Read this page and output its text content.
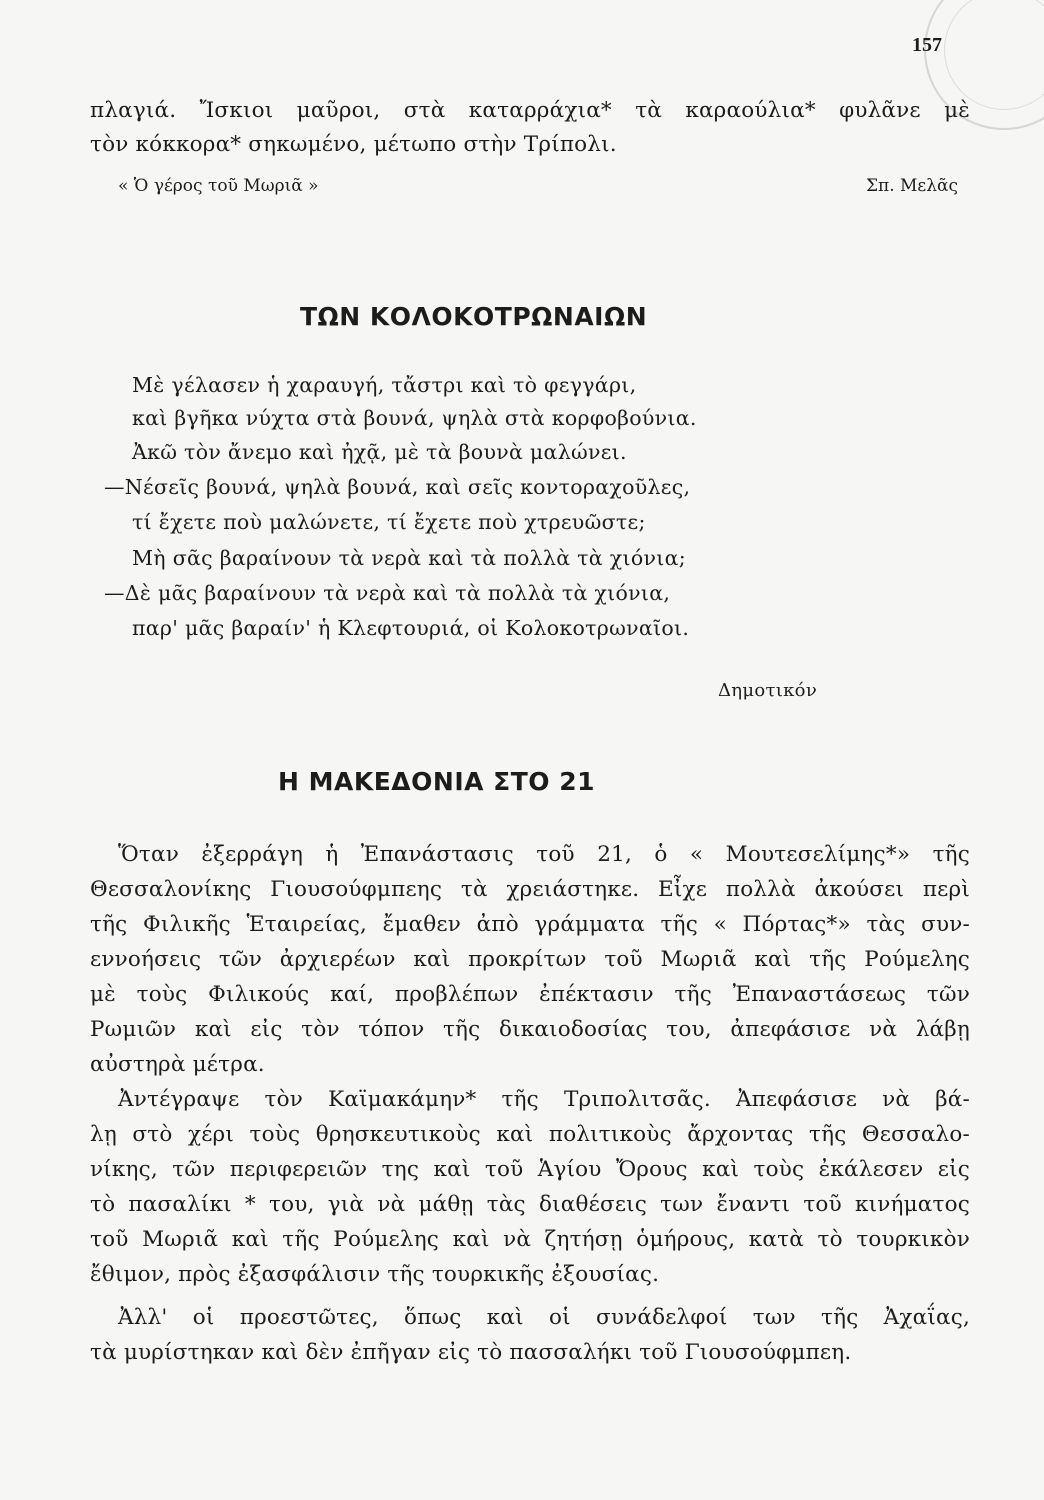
157
πλαγιά. Ἴσκιοι μαῦροι, στὰ καταρράχια* τὰ καραούλια* φυλᾶνε μὲ
τὸν κόκκορα* σηκωμένο, μέτωπο στὴν Τρίπολι.
« Ὁ γέρος τοῦ Μωριᾶ »	Σπ. Μελᾶς
ΤΩΝ ΚΟΛΟΚΟΤΡΩΝΑΙΩΝ
Μὲ γέλασεν ἡ χαραυγή, τἄστρι καὶ τὸ φεγγάρι,
καὶ βγῆκα νύχτα στὰ βουνά, ψηλὰ στὰ κορφοβούνια.
Ἀκῶ τὸν ἄνεμο καὶ ἠχᾷ, μὲ τὰ βουνὰ μαλώνει.
—Νέσεῖς βουνά, ψηλὰ βουνά, καὶ σεῖς κοντοραχοῦλες,
τί ἔχετε ποὺ μαλώνετε, τί ἔχετε ποὺ χτρευῶστε;
Μὴ σᾶς βαραίνουν τὰ νερὰ καὶ τὰ πολλὰ τὰ χιόνια;
—Δὲ μᾶς βαραίνουν τὰ νερὰ καὶ τὰ πολλὰ τὰ χιόνια,
παρ' μᾶς βαραίν' ἡ Κλεφτουριά, οἱ Κολοκοτρωναῖοι.
Δημοτικόν
Η ΜΑΚΕΔΟΝΙΑ ΣΤΟ 21
Ὅταν ἐξερράγη ἡ Ἐπανάστασις τοῦ 21, ὁ « Μουτεσελίμης*» τῆς
Θεσσαλονίκης Γιουσούφμπεης τὰ χρειάστηκε. Εἶχε πολλὰ ἀκούσει περὶ
τῆς Φιλικῆς Ἑταιρείας, ἔμαθεν ἀπὸ γράμματα τῆς « Πόρτας*» τὰς συν-
εννοήσεις τῶν ἀρχιερέων καὶ προκρίτων τοῦ Μωριᾶ καὶ τῆς Ρούμελης
μὲ τοὺς Φιλικούς καί, προβλέπων ἐπέκτασιν τῆς Ἐπαναστάσεως τῶν
Ρωμιῶν καὶ εἰς τὸν τόπον τῆς δικαιοδοσίας του, ἀπεφάσισε νὰ λάβῃ
αὐστηρὰ μέτρα.
Ἀντέγραψε τὸν Καϊμακάμην* τῆς Τριπολιτσᾶς. Ἀπεφάσισε νὰ βά-
λῃ στὸ χέρι τοὺς θρησκευτικοὺς καὶ πολιτικοὺς ἄρχοντας τῆς Θεσσαλο-
νίκης, τῶν περιφερειῶν της καὶ τοῦ Ἁγίου Ὄρους καὶ τοὺς ἐκάλεσεν εἰς
τὸ πασαλίκι * του, γιὰ νὰ μάθῃ τὰς διαθέσεις των ἔναντι τοῦ κινήματος
τοῦ Μωριᾶ καὶ τῆς Ρούμελης καὶ νὰ ζητήσῃ ὁμήρους, κατὰ τὸ τουρκικὸν
ἔθιμον, πρὸς ἐξασφάλισιν τῆς τουρκικῆς ἐξουσίας.
Ἀλλ' οἱ προεστῶτες, ὅπως καὶ οἱ συνάδελφοί των τῆς Ἀχαΐας,
τὰ μυρίστηκαν καὶ δὲν ἐπῆγαν εἰς τὸ πασσαλήκι τοῦ Γιουσούφμπεη.
